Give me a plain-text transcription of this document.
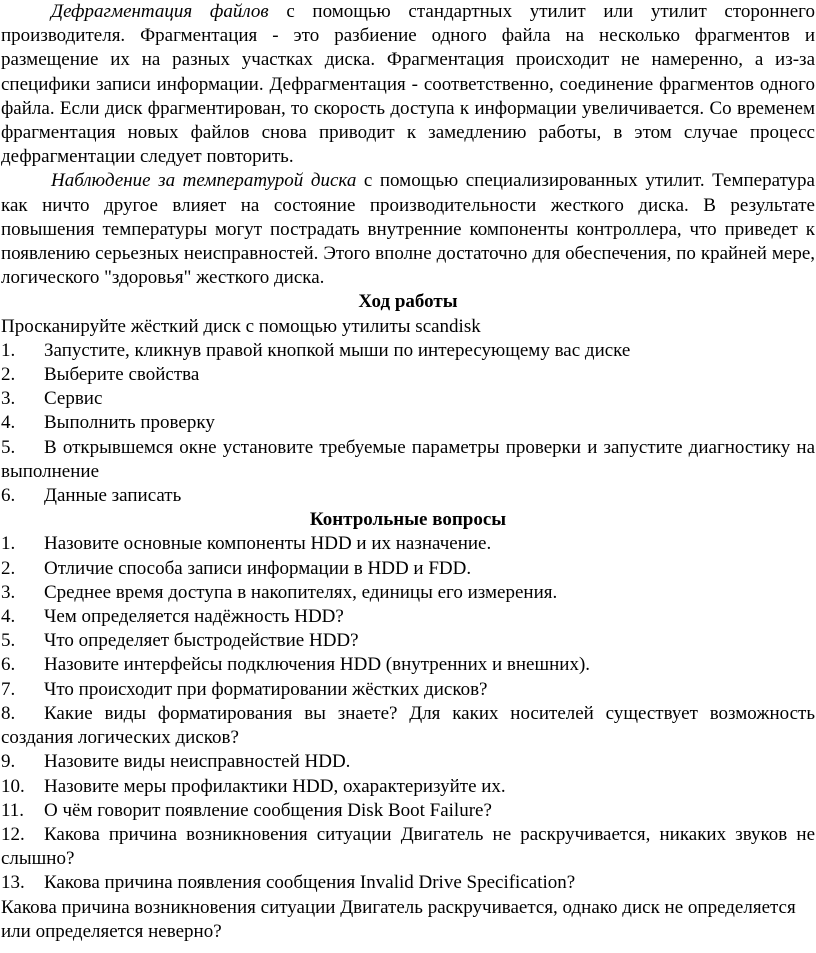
Дефрагментация файлов с помощью стандартных утилит или утилит стороннего производителя. Фрагментация - это разбиение одного файла на несколько фрагментов и размещение их на разных участках диска. Фрагментация происходит не намеренно, а из-за специфики записи информации. Дефрагментация - соответственно, соединение фрагментов одного файла. Если диск фрагментирован, то скорость доступа к информации увеличивается. Со временем фрагментация новых файлов снова приводит к замедлению работы, в этом случае процесс дефрагментации следует повторить.

Наблюдение за температурой диска с помощью специализированных утилит. Температура как ничто другое влияет на состояние производительности жесткого диска. В результате повышения температуры могут пострадать внутренние компоненты контроллера, что приведет к появлению серьезных неисправностей. Этого вполне достаточно для обеспечения, по крайней мере, логического "здоровья" жесткого диска.

Ход работы

Просканируйте жёсткий диск с помощью утилиты scandisk

1.	Запустите, кликнув правой кнопкой мыши по интересующему вас диске
2.	Выберите свойства
3.	Сервис
4.	Выполнить проверку

5. В открывшемся окне установите требуемые параметры проверки и запустите диагностику на выполнение

6.	Данные записать

Контрольные вопросы

1.	Назовите основные компоненты HDD и их назначение.
2.	Отличие способа записи информации в HDD и FDD.
3.	Среднее время доступа в накопителях, единицы его измерения.
4.	Чем определяется надёжность HDD?
5.	Что определяет быстродействие HDD?
6.	Назовите интерфейсы подключения HDD (внутренних и внешних).
7.	Что происходит при форматировании жёстких дисков?

8. Какие виды форматирования вы знаете? Для каких носителей существует возможность создания логических дисков?

9.	Назовите виды неисправностей HDD.
10.	Назовите меры профилактики HDD, охарактеризуйте их.
11.	О чём говорит появление сообщения Disk Boot Failure?

12. Какова причина возникновения ситуации Двигатель не раскручивается, никаких звуков не слышно?

13.	Какова причина появления сообщения Invalid Drive Specification?

Какова причина возникновения ситуации Двигатель раскручивается, однако диск не определяется или определяется неверно?
